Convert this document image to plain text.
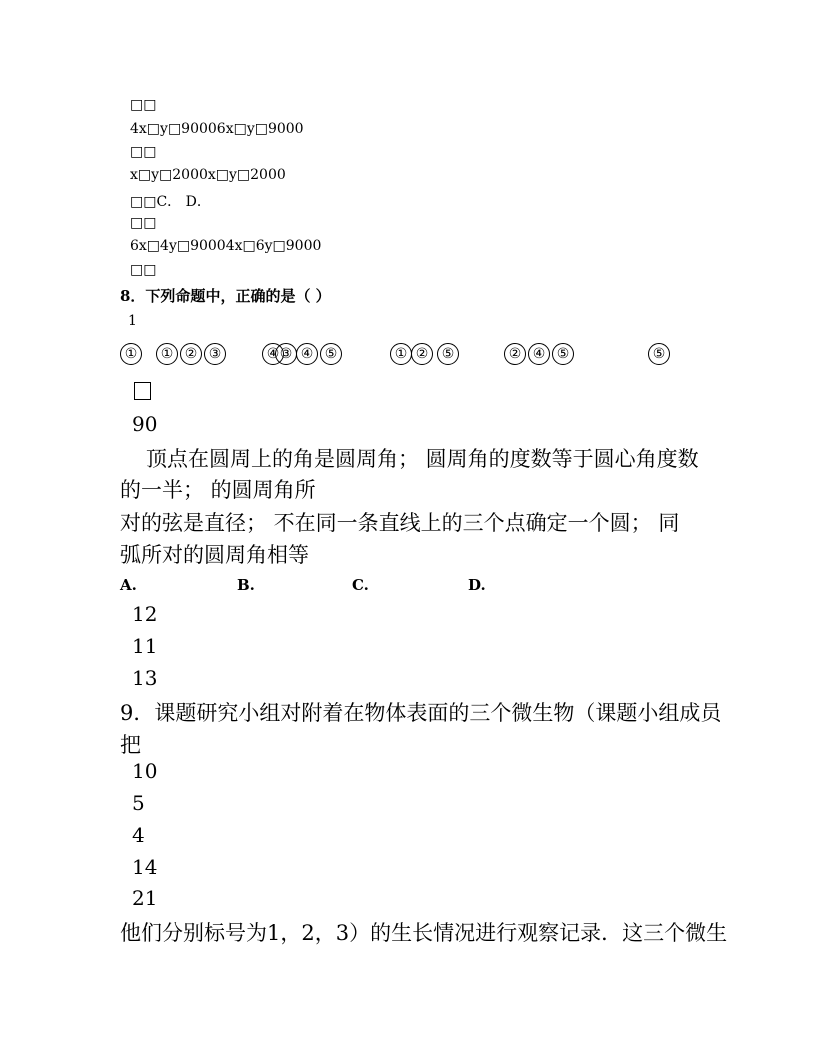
□□
4x□y□90006x□y□9000
□□
x□y□2000x□y□2000
□□C． D．
□□
6x□4y□90004x□6y□9000
□□
8．下列命题中，正确的是（ ）
1
①	① ② ③	④ ③ ④ ⑤	① ② ⑤	② ④ ⑤	⑤
90
顶点在圆周上的角是圆周角； 圆周角的度数等于圆心角度数
的一半； 的圆周角所
对的弦是直径； 不在同一条直线上的三个点确定一个圆； 同
弧所对的圆周角相等
A.	B.	C.	D.
12
11
13
9．课题研究小组对附着在物体表面的三个微生物（课题小组成员
把
10
5
4
14
21
他们分别标号为1，2，3）的生长情况进行观察记录．这三个微生
